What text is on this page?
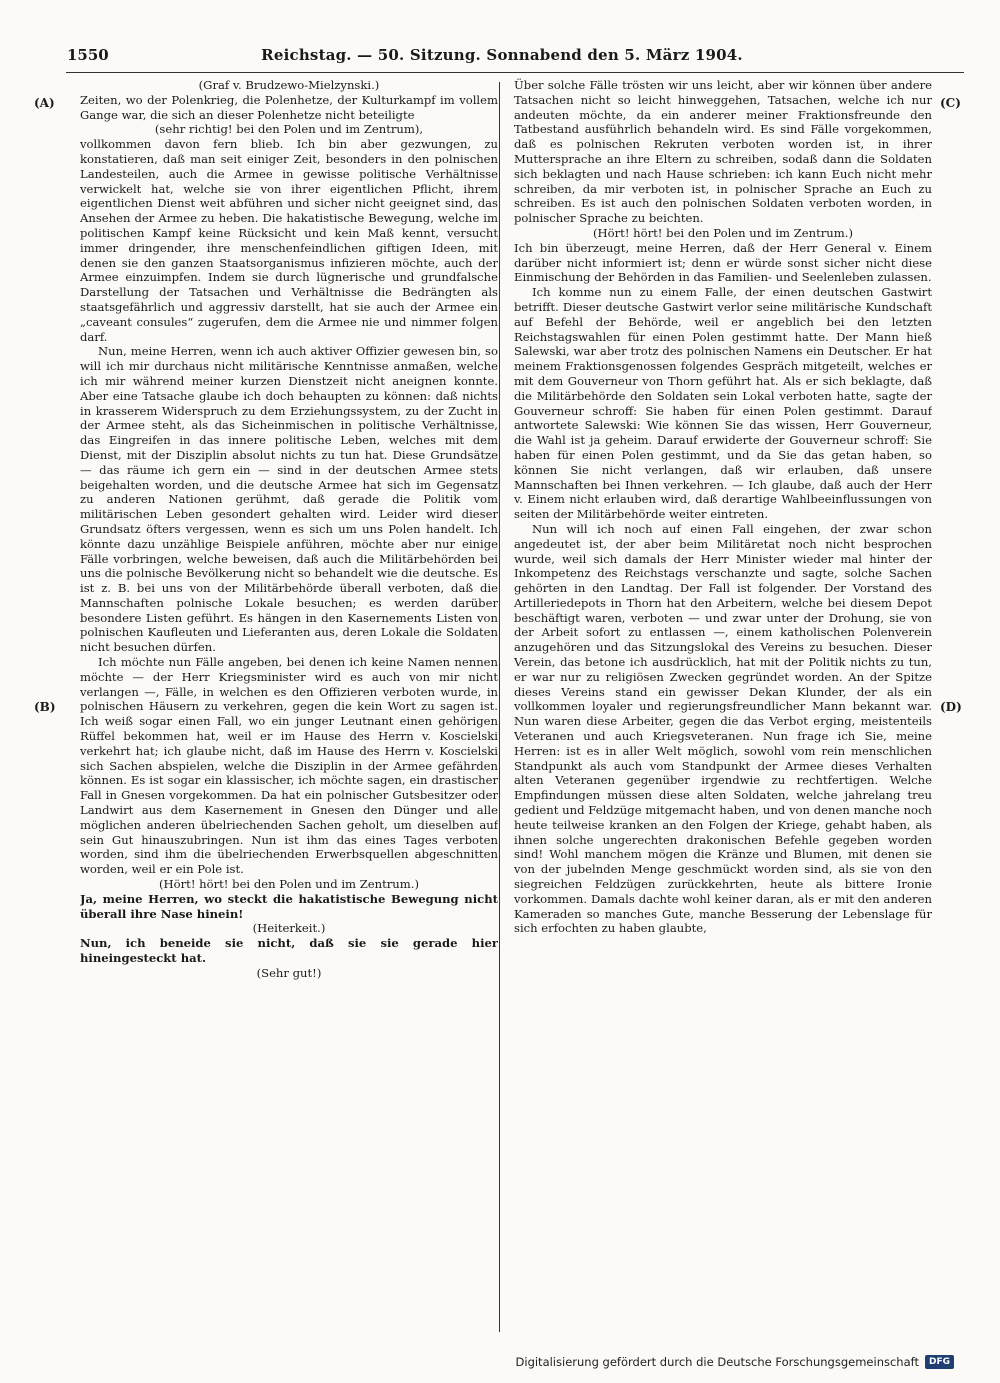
1550	Reichstag. — 50. Sitzung. Sonnabend den 5. März 1904.
(A)
(B)
(C)
(D)

(Graf v. Brudzewo-Mielzynski.)

Zeiten, wo der Polenkrieg, die Polenhetze, der Kulturkampf im vollem Gange war, die sich an dieser Polenhetze nicht beteiligte

(sehr richtig! bei den Polen und im Zentrum),

vollkommen davon fern blieb. Ich bin aber gezwungen, zu konstatieren, daß man seit einiger Zeit, besonders in den polnischen Landesteilen, auch die Armee in gewisse politische Verhältnisse verwickelt hat, welche sie von ihrer eigentlichen Pflicht, ihrem eigentlichen Dienst weit abführen und sicher nicht geeignet sind, das Ansehen der Armee zu heben. Die hakatistische Bewegung, welche im politischen Kampf keine Rücksicht und kein Maß kennt, versucht immer dringender, ihre menschenfeindlichen giftigen Ideen, mit denen sie den ganzen Staatsorganismus infizieren möchte, auch der Armee einzuimpfen. Indem sie durch lügnerische und grundfalsche Darstellung der Tatsachen und Verhältnisse die Bedrängten als staatsgefährlich und aggressiv darstellt, hat sie auch der Armee ein „caveant consules“ zugerufen, dem die Armee nie und nimmer folgen darf.

Nun, meine Herren, wenn ich auch aktiver Offizier gewesen bin, so will ich mir durchaus nicht militärische Kenntnisse anmaßen, welche ich mir während meiner kurzen Dienstzeit nicht aneignen konnte. Aber eine Tatsache glaube ich doch behaupten zu können: daß nichts in krasserem Widerspruch zu dem Erziehungssystem, zu der Zucht in der Armee steht, als das Sicheinmischen in politische Verhältnisse, das Eingreifen in das innere politische Leben, welches mit dem Dienst, mit der Disziplin absolut nichts zu tun hat. Diese Grundsätze — das räume ich gern ein — sind in der deutschen Armee stets beigehalten worden, und die deutsche Armee hat sich im Gegensatz zu anderen Nationen gerühmt, daß gerade die Politik vom militärischen Leben gesondert gehalten wird. Leider wird dieser Grundsatz öfters vergessen, wenn es sich um uns Polen handelt. Ich könnte dazu unzählige Beispiele anführen, möchte aber nur einige Fälle vorbringen, welche beweisen, daß auch die Militärbehörden bei uns die polnische Bevölkerung nicht so behandelt wie die deutsche. Es ist z. B. bei uns von der Militärbehörde überall verboten, daß die Mannschaften polnische Lokale besuchen; es werden darüber besondere Listen geführt. Es hängen in den Kasernements Listen von polnischen Kaufleuten und Lieferanten aus, deren Lokale die Soldaten nicht besuchen dürfen.

Ich möchte nun Fälle angeben, bei denen ich keine Namen nennen möchte — der Herr Kriegsminister wird es auch von mir nicht verlangen —, Fälle, in welchen es den Offizieren verboten wurde, in polnischen Häusern zu verkehren, gegen die kein Wort zu sagen ist. Ich weiß sogar einen Fall, wo ein junger Leutnant einen gehörigen Rüffel bekommen hat, weil er im Hause des Herrn v. Koscielski verkehrt hat; ich glaube nicht, daß im Hause des Herrn v. Koscielski sich Sachen abspielen, welche die Disziplin in der Armee gefährden können. Es ist sogar ein klassischer, ich möchte sagen, ein drastischer Fall in Gnesen vorgekommen. Da hat ein polnischer Gutsbesitzer oder Landwirt aus dem Kasernement in Gnesen den Dünger und alle möglichen anderen übelriechenden Sachen geholt, um dieselben auf sein Gut hinauszubringen. Nun ist ihm das eines Tages verboten worden, sind ihm die übelriechenden Erwerbsquellen abgeschnitten worden, weil er ein Pole ist.

(Hört! hört! bei den Polen und im Zentrum.)

Ja, meine Herren, wo steckt die hakatistische Bewegung nicht überall ihre Nase hinein!

(Heiterkeit.)

Nun, ich beneide sie nicht, daß sie sie gerade hier hineingesteckt hat.

(Sehr gut!)

Über solche Fälle trösten wir uns leicht, aber wir können über andere Tatsachen nicht so leicht hinweggehen, Tatsachen, welche ich nur andeuten möchte, da ein anderer meiner Fraktionsfreunde den Tatbestand ausführlich behandeln wird. Es sind Fälle vorgekommen, daß es polnischen Rekruten verboten worden ist, in ihrer Muttersprache an ihre Eltern zu schreiben, sodaß dann die Soldaten sich beklagten und nach Hause schrieben: ich kann Euch nicht mehr schreiben, da mir verboten ist, in polnischer Sprache an Euch zu schreiben. Es ist auch den polnischen Soldaten verboten worden, in polnischer Sprache zu beichten.

(Hört! hört! bei den Polen und im Zentrum.)

Ich bin überzeugt, meine Herren, daß der Herr General v. Einem darüber nicht informiert ist; denn er würde sonst sicher nicht diese Einmischung der Behörden in das Familien- und Seelenleben zulassen.

Ich komme nun zu einem Falle, der einen deutschen Gastwirt betrifft. Dieser deutsche Gastwirt verlor seine militärische Kundschaft auf Befehl der Behörde, weil er angeblich bei den letzten Reichstagswahlen für einen Polen gestimmt hatte. Der Mann hieß Salewski, war aber trotz des polnischen Namens ein Deutscher. Er hat meinem Fraktionsgenossen folgendes Gespräch mitgeteilt, welches er mit dem Gouverneur von Thorn geführt hat. Als er sich beklagte, daß die Militärbehörde den Soldaten sein Lokal verboten hatte, sagte der Gouverneur schroff: Sie haben für einen Polen gestimmt. Darauf antwortete Salewski: Wie können Sie das wissen, Herr Gouverneur, die Wahl ist ja geheim. Darauf erwiderte der Gouverneur schroff: Sie haben für einen Polen gestimmt, und da Sie das getan haben, so können Sie nicht verlangen, daß wir erlauben, daß unsere Mannschaften bei Ihnen verkehren. — Ich glaube, daß auch der Herr v. Einem nicht erlauben wird, daß derartige Wahlbeeinflussungen von seiten der Militärbehörde weiter eintreten.

Nun will ich noch auf einen Fall eingehen, der zwar schon angedeutet ist, der aber beim Militäretat noch nicht besprochen wurde, weil sich damals der Herr Minister wieder mal hinter der Inkompetenz des Reichstags verschanzte und sagte, solche Sachen gehörten in den Landtag. Der Fall ist folgender. Der Vorstand des Artilleriedepots in Thorn hat den Arbeitern, welche bei diesem Depot beschäftigt waren, verboten — und zwar unter der Drohung, sie von der Arbeit sofort zu entlassen —, einem katholischen Polenverein anzugehören und das Sitzungslokal des Vereins zu besuchen. Dieser Verein, das betone ich ausdrücklich, hat mit der Politik nichts zu tun, er war nur zu religiösen Zwecken gegründet worden. An der Spitze dieses Vereins stand ein gewisser Dekan Klunder, der als ein vollkommen loyaler und regierungsfreundlicher Mann bekannt war. Nun waren diese Arbeiter, gegen die das Verbot erging, meistenteils Veteranen und auch Kriegsveteranen. Nun frage ich Sie, meine Herren: ist es in aller Welt möglich, sowohl vom rein menschlichen Standpunkt als auch vom Standpunkt der Armee dieses Verhalten alten Veteranen gegenüber irgendwie zu rechtfertigen. Welche Empfindungen müssen diese alten Soldaten, welche jahrelang treu gedient und Feldzüge mitgemacht haben, und von denen manche noch heute teilweise kranken an den Folgen der Kriege, gehabt haben, als ihnen solche ungerechten drakonischen Befehle gegeben worden sind! Wohl manchem mögen die Kränze und Blumen, mit denen sie von der jubelnden Menge geschmückt worden sind, als sie von den siegreichen Feldzügen zurückkehrten, heute als bittere Ironie vorkommen. Damals dachte wohl keiner daran, als er mit den anderen Kameraden so manches Gute, manche Besserung der Lebenslage für sich erfochten zu haben glaubte,

Digitalisierung gefördert durch die Deutsche Forschungsgemeinschaft	DFG
